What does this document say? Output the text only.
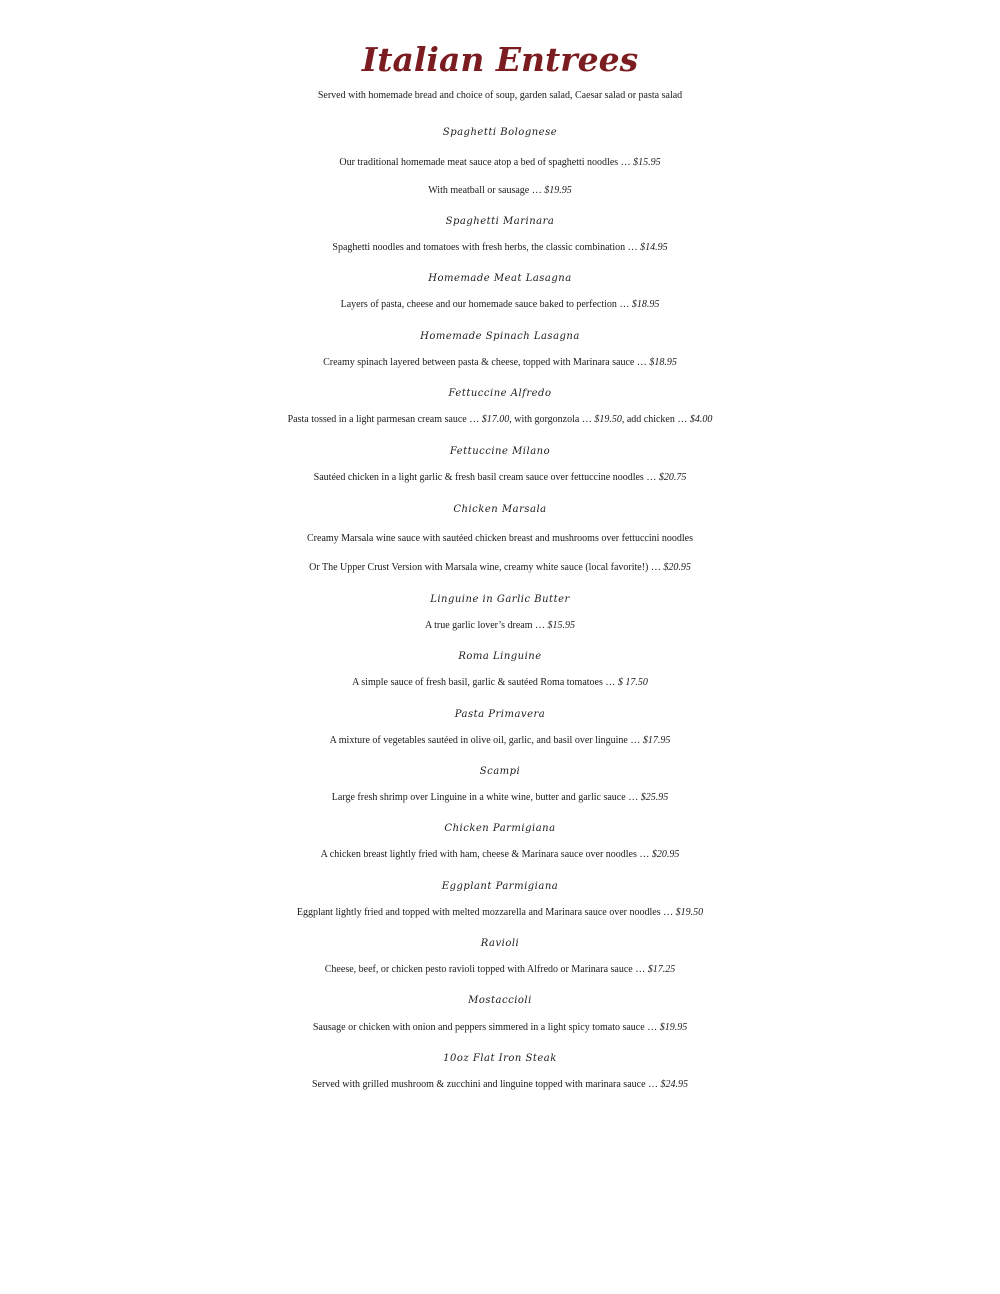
Italian Entrees
Served with homemade bread and choice of soup, garden salad, Caesar salad or pasta salad
Spaghetti Bolognese
Our traditional homemade meat sauce atop a bed of spaghetti noodles … $15.95
With meatball or sausage … $19.95
Spaghetti Marinara
Spaghetti noodles and tomatoes with fresh herbs, the classic combination … $14.95
Homemade Meat Lasagna
Layers of pasta, cheese and our homemade sauce baked to perfection … $18.95
Homemade Spinach Lasagna
Creamy spinach layered between pasta & cheese, topped with Marinara sauce … $18.95
Fettuccine Alfredo
Pasta tossed in a light parmesan cream sauce … $17.00, with gorgonzola … $19.50, add chicken … $4.00
Fettuccine Milano
Sautéed chicken in a light garlic & fresh basil cream sauce over fettuccine noodles … $20.75
Chicken Marsala
Creamy Marsala wine sauce with sautéed chicken breast and mushrooms over fettuccini noodles
Or The Upper Crust Version with Marsala wine, creamy white sauce (local favorite!) … $20.95
Linguine in Garlic Butter
A true garlic lover’s dream … $15.95
Roma Linguine
A simple sauce of fresh basil, garlic & sautéed Roma tomatoes … $ 17.50
Pasta Primavera
A mixture of vegetables sautéed in olive oil, garlic, and basil over linguine … $17.95
Scampi
Large fresh shrimp over Linguine in a white wine, butter and garlic sauce … $25.95
Chicken Parmigiana
A chicken breast lightly fried with ham, cheese & Marinara sauce over noodles … $20.95
Eggplant Parmigiana
Eggplant lightly fried and topped with melted mozzarella and Marinara sauce over noodles … $19.50
Ravioli
Cheese, beef, or chicken pesto ravioli topped with Alfredo or Marinara sauce … $17.25
Mostaccioli
Sausage or chicken with onion and peppers simmered in a light spicy tomato sauce … $19.95
10oz Flat Iron Steak
Served with grilled mushroom & zucchini and linguine topped with marinara sauce … $24.95
